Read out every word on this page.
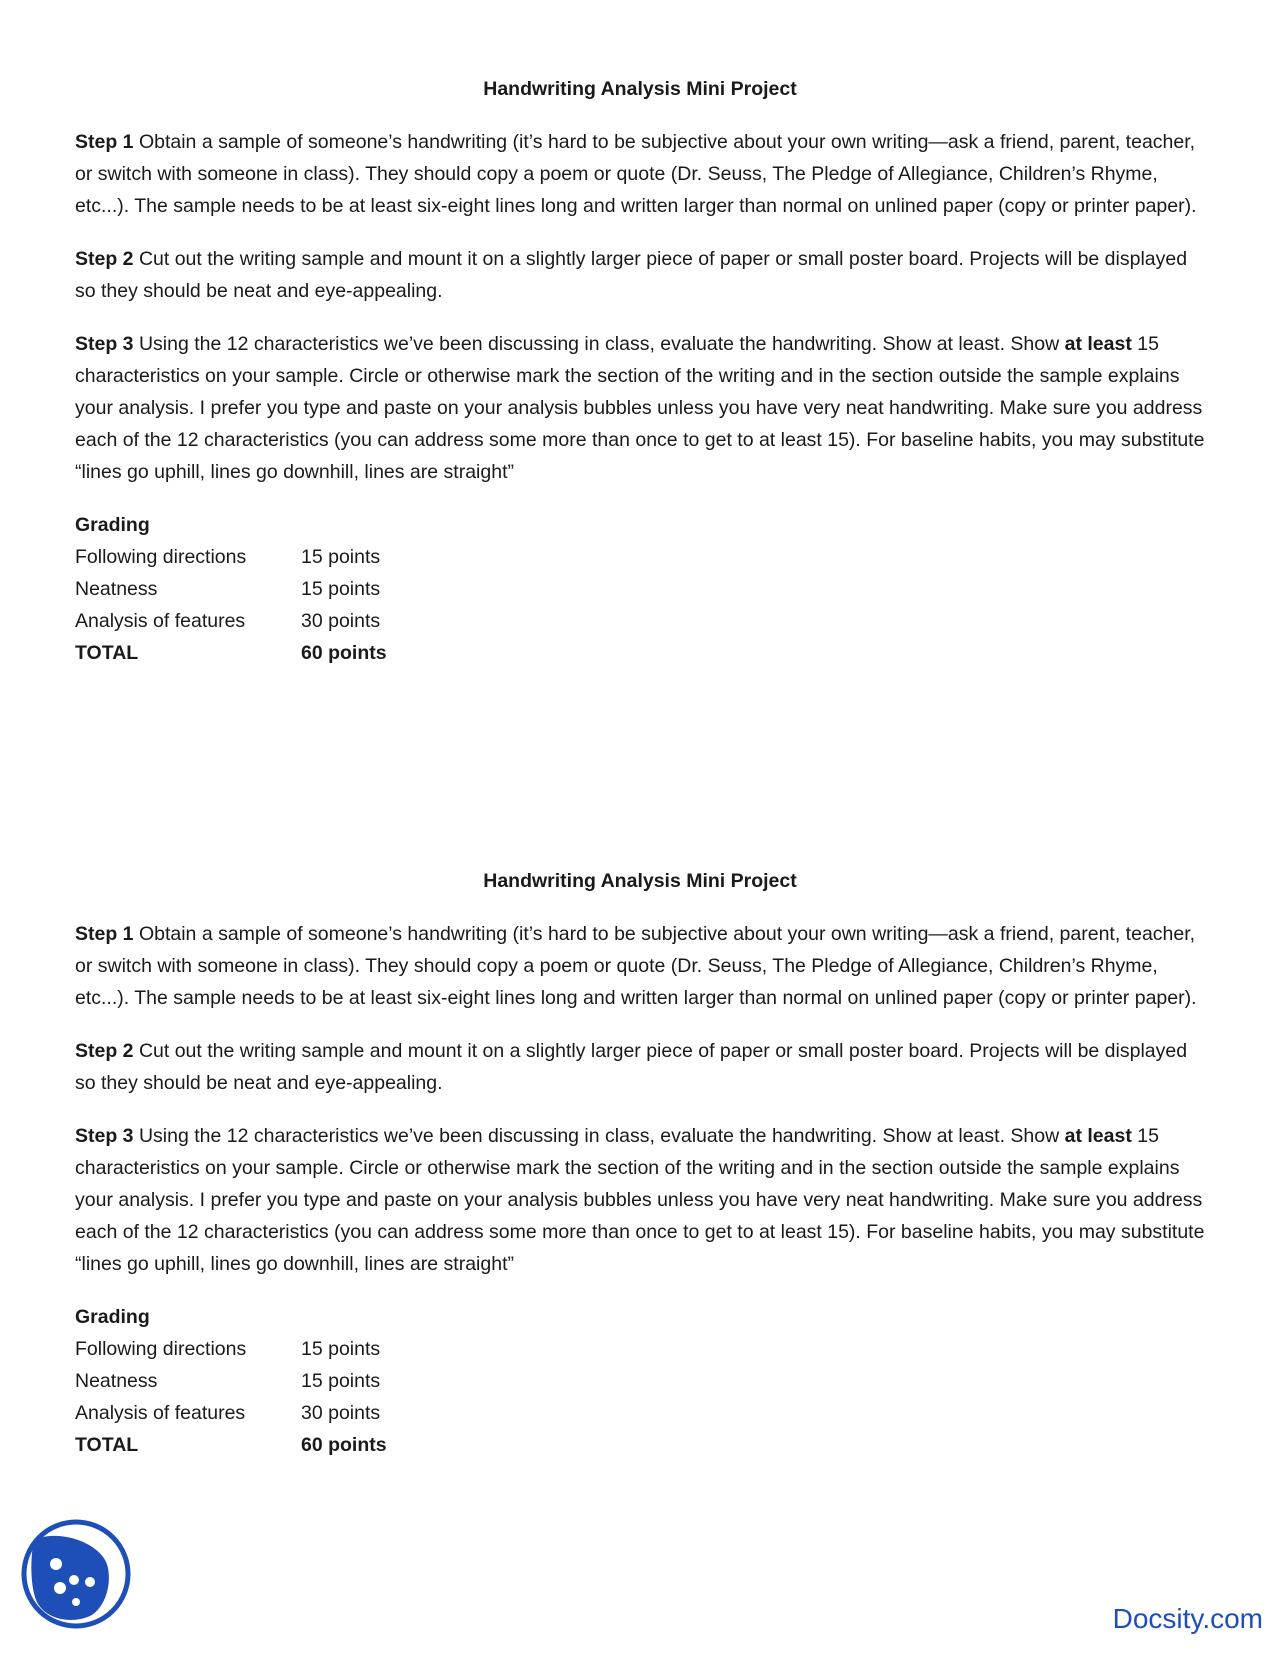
Handwriting Analysis Mini Project

Step 1 Obtain a sample of someone’s handwriting (it’s hard to be subjective about your own writing—ask a friend, parent, teacher, or switch with someone in class). They should copy a poem or quote (Dr. Seuss, The Pledge of Allegiance, Children’s Rhyme, etc...). The sample needs to be at least six-eight lines long and written larger than normal on unlined paper (copy or printer paper).

Step 2 Cut out the writing sample and mount it on a slightly larger piece of paper or small poster board. Projects will be displayed so they should be neat and eye-appealing.

Step 3 Using the 12 characteristics we’ve been discussing in class, evaluate the handwriting. Show at least. Show at least 15 characteristics on your sample. Circle or otherwise mark the section of the writing and in the section outside the sample explains your analysis. I prefer you type and paste on your analysis bubbles unless you have very neat handwriting. Make sure you address each of the 12 characteristics (you can address some more than once to get to at least 15). For baseline habits, you may substitute “lines go uphill, lines go downhill, lines are straight”

Grading
Following directions	15 points
Neatness	15 points
Analysis of features	30 points
TOTAL	60 points
Handwriting Analysis Mini Project

Step 1 Obtain a sample of someone’s handwriting (it’s hard to be subjective about your own writing—ask a friend, parent, teacher, or switch with someone in class). They should copy a poem or quote (Dr. Seuss, The Pledge of Allegiance, Children’s Rhyme, etc...). The sample needs to be at least six-eight lines long and written larger than normal on unlined paper (copy or printer paper).

Step 2 Cut out the writing sample and mount it on a slightly larger piece of paper or small poster board. Projects will be displayed so they should be neat and eye-appealing.

Step 3 Using the 12 characteristics we’ve been discussing in class, evaluate the handwriting. Show at least. Show at least 15 characteristics on your sample. Circle or otherwise mark the section of the writing and in the section outside the sample explains your analysis. I prefer you type and paste on your analysis bubbles unless you have very neat handwriting. Make sure you address each of the 12 characteristics (you can address some more than once to get to at least 15). For baseline habits, you may substitute “lines go uphill, lines go downhill, lines are straight”

Grading
Following directions	15 points
Neatness	15 points
Analysis of features	30 points
TOTAL	60 points
Docsity.com
